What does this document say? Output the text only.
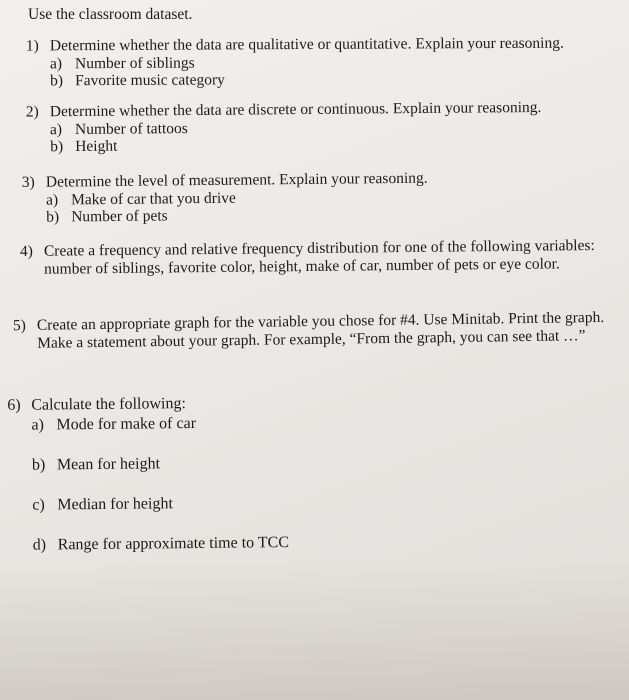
Use the classroom dataset.
1) Determine whether the data are qualitative or quantitative. Explain your reasoning.
a) Number of siblings
b) Favorite music category
2) Determine whether the data are discrete or continuous. Explain your reasoning.
a) Number of tattoos
b) Height
3) Determine the level of measurement. Explain your reasoning.
a) Make of car that you drive
b) Number of pets
4) Create a frequency and relative frequency distribution for one of the following variables: number of siblings, favorite color, height, make of car, number of pets or eye color.
5) Create an appropriate graph for the variable you chose for #4. Use Minitab. Print the graph. Make a statement about your graph. For example, “From the graph, you can see that …”
6) Calculate the following:
a) Mode for make of car
b) Mean for height
c) Median for height
d) Range for approximate time to TCC
